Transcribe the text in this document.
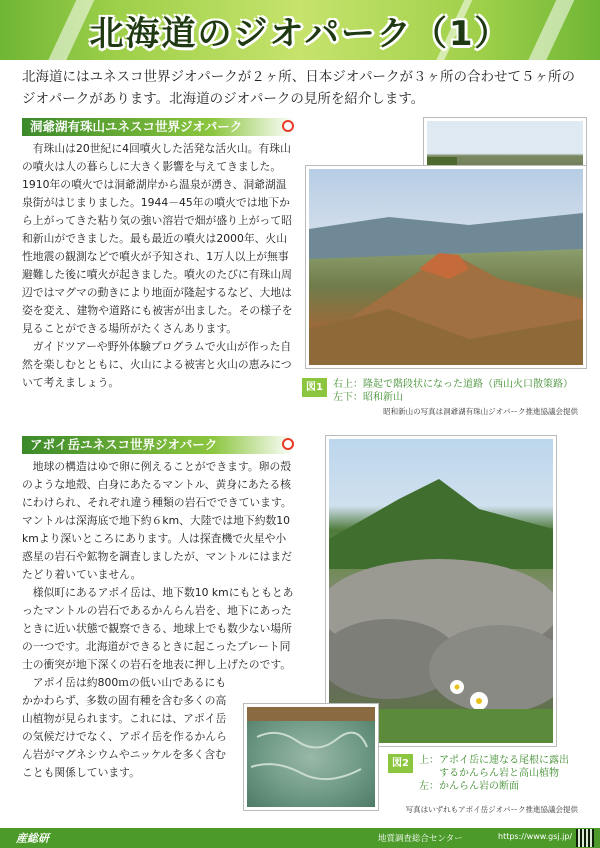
北海道のジオパーク（1）
北海道にはユネスコ世界ジオパークが２ヶ所、日本ジオパークが３ヶ所の合わせて５ヶ所のジオパークがあります。北海道のジオパークの見所を紹介します。
洞爺湖有珠山ユネスコ世界ジオパーク

有珠山は20世紀に4回噴火した活発な活火山。有珠山の噴火は人の暮らしに大きく影響を与えてきました。1910年の噴火では洞爺湖岸から温泉が湧き、洞爺湖温泉街がはじまりました。1944－45年の噴火では地下から上がってきた粘り気の強い溶岩で畑が盛り上がって昭和新山ができました。最も最近の噴火は2000年、火山性地震の観測などで噴火が予知され、1万人以上が無事避難した後に噴火が起きました。噴火のたびに有珠山周辺ではマグマの動きにより地面が隆起するなど、大地は姿を変え、建物や道路にも被害が出ました。その様子を見ることができる場所がたくさんあります。

ガイドツアーや野外体験プログラムで火山が作った自然を楽しむとともに、火山による被害と火山の恵みについて考えましょう。	図1	右上：隆起で階段状になった道路（西山火口散策路）
左下：昭和新山
昭和新山の写真は洞爺湖有珠山ジオパーク推進協議会提供
アポイ岳ユネスコ世界ジオパーク

地球の構造はゆで卵に例えることができます。卵の殻のような地殻、白身にあたるマントル、黄身にあたる核にわけられ、それぞれ違う種類の岩石でできています。マントルは深海底で地下約６km、大陸では地下約数10 kmより深いところにあります。人は探査機で火星や小惑星の岩石や鉱物を調査しましたが、マントルにはまだたどり着いていません。

様似町にあるアポイ岳は、地下数10 kmにもともとあったマントルの岩石であるかんらん岩を、地下にあったときに近い状態で観察できる、地球上でも数少ない場所の一つです。北海道ができるときに起こったプレート同士の衝突が地下深くの岩石を地表に押し上げたのです。

アポイ岳は約800ｍの低い山であるにもかかわらず、多数の固有種を含む多くの高山植物が見られます。これには、アポイ岳の気候だけでなく、アポイ岳を作るかんらん岩がマグネシウムやニッケルを多く含むことも関係しています。

図2	上：アポイ岳に連なる尾根に露出
　　するかんらん岩と高山植物
左：かんらん岩の断面
写真はいずれもアポイ岳ジオパーク推進協議会提供
産総研	地質調査総合センター	https://www.gsj.jp/
